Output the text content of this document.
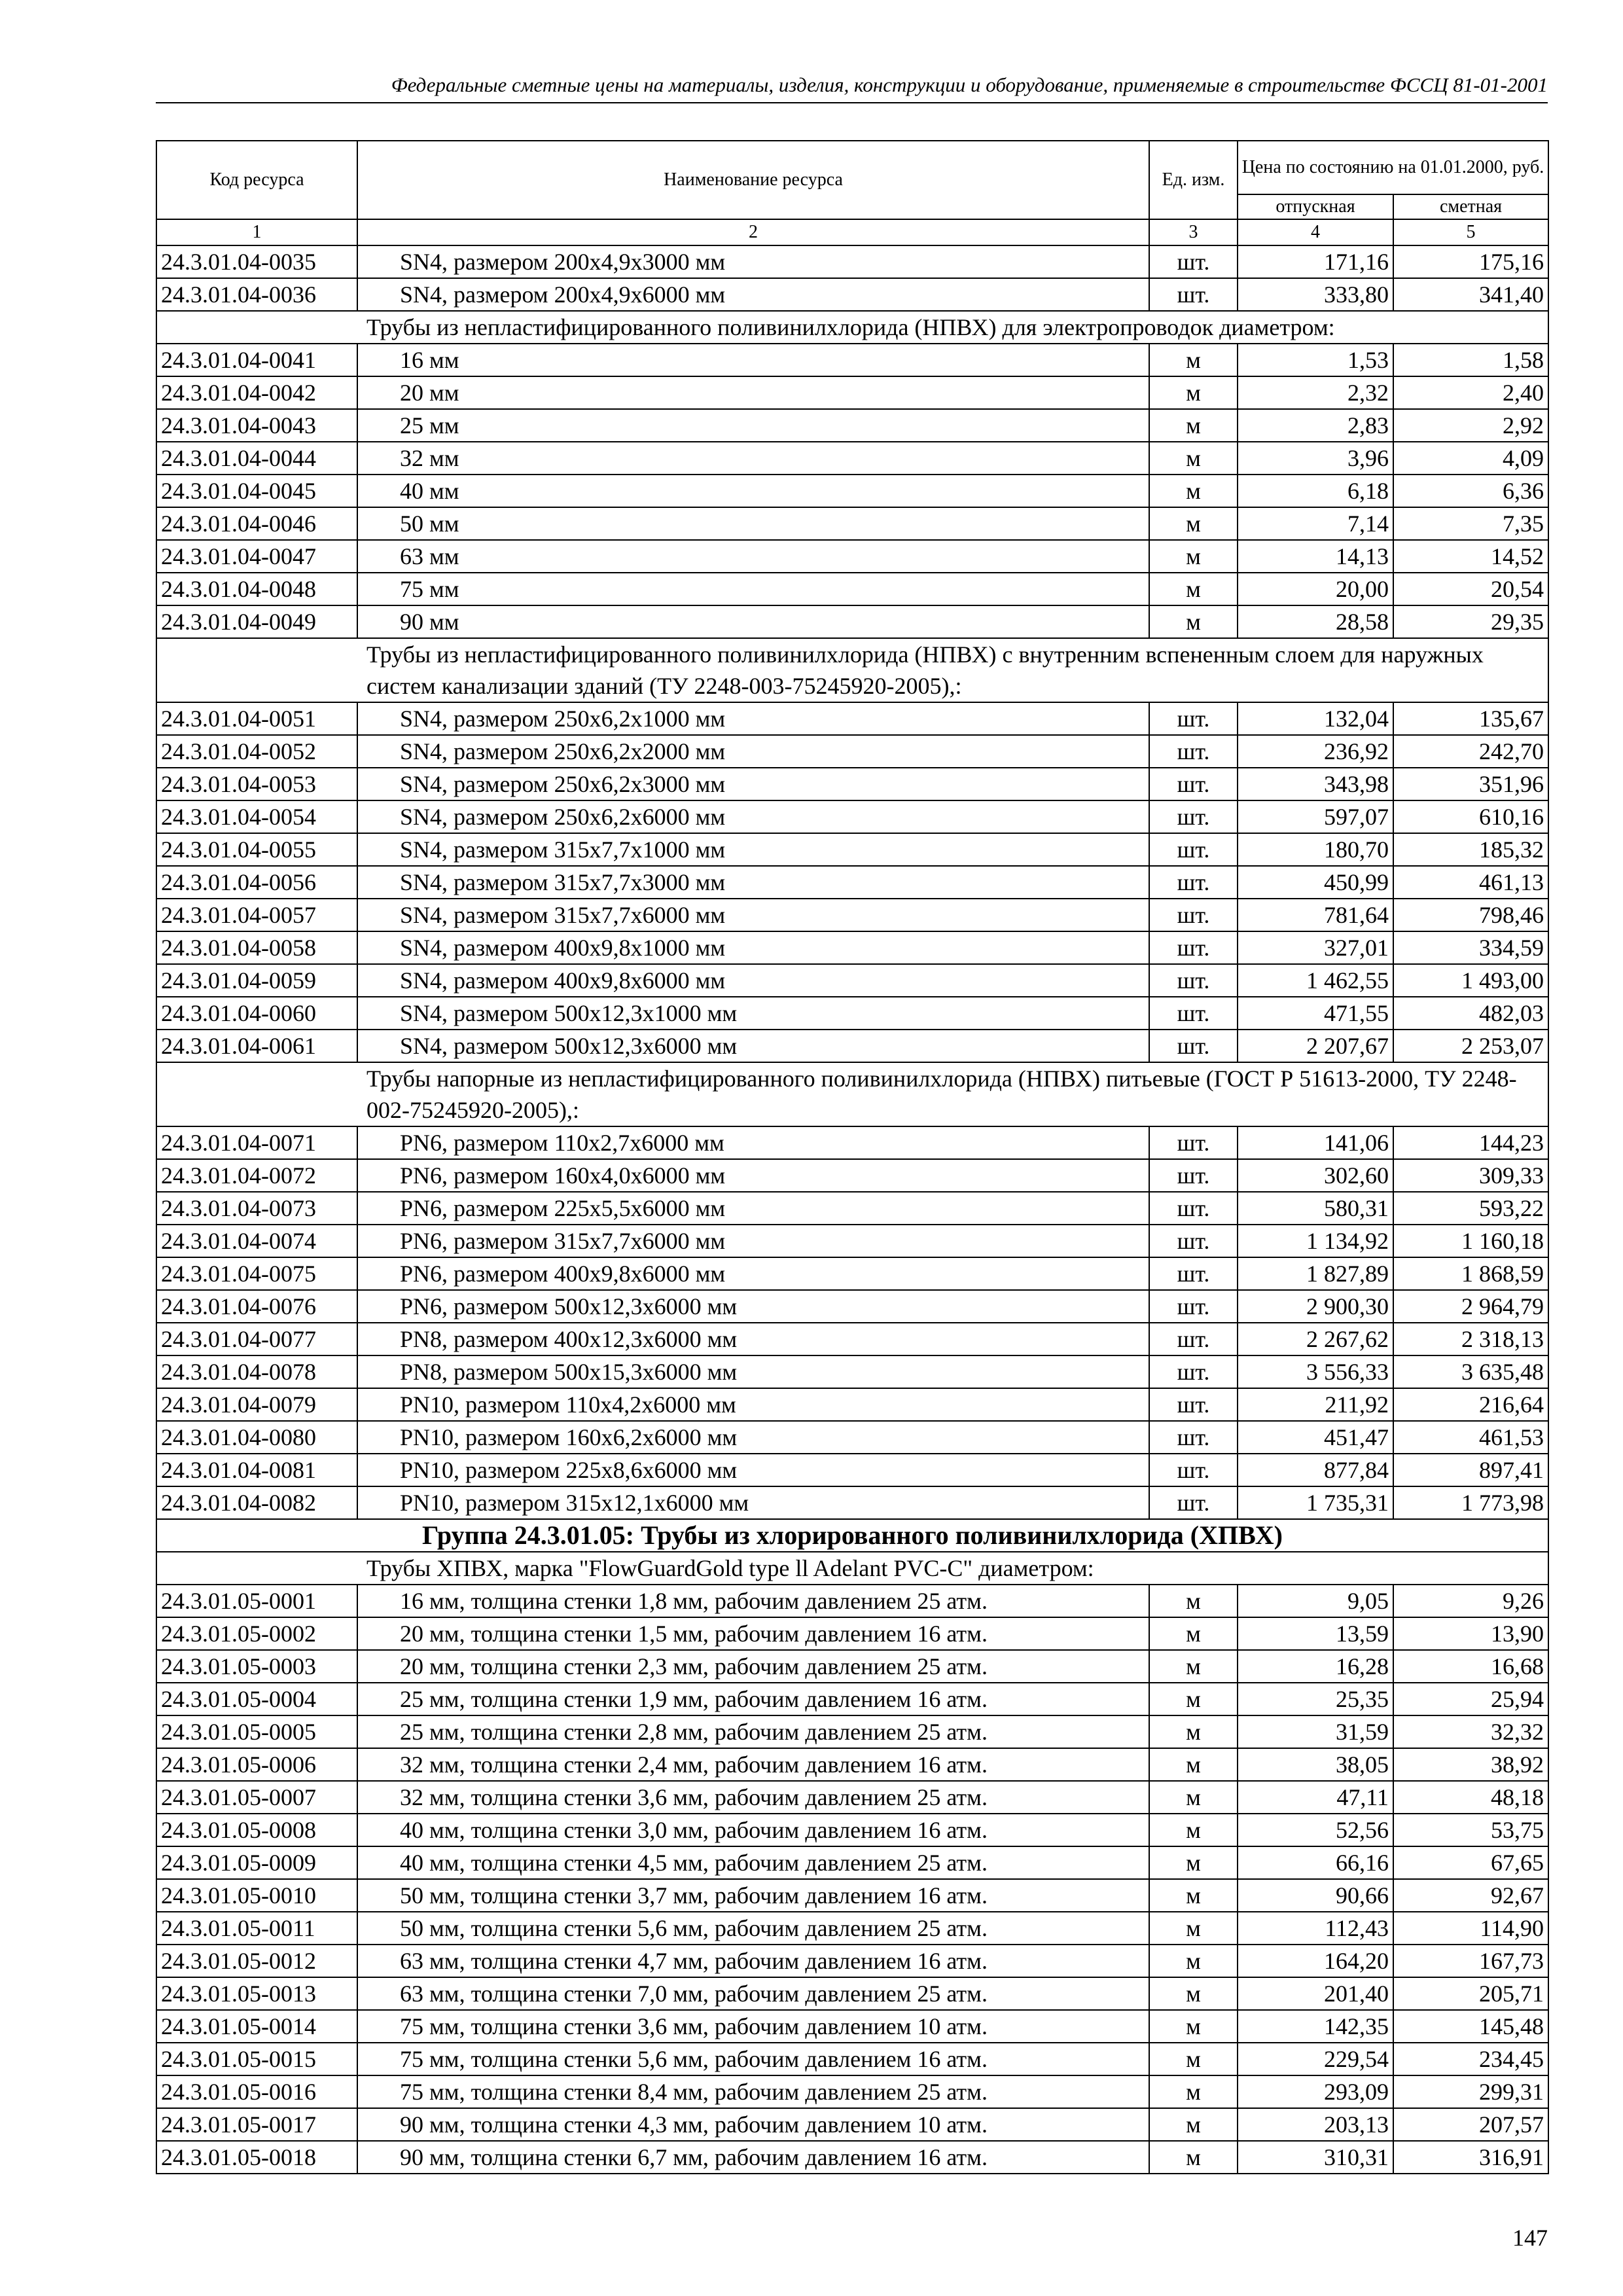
Федеральные сметные цены на материалы, изделия, конструкции и оборудование, применяемые в строительстве ФССЦ 81-01-2001
Код ресурса	Наименование ресурса	Ед. изм.	Цена по состоянию на 01.01.2000, руб.	
			отпускная	сметная
1	2	3	4	5
24.3.01.04-0035	SN4, размером 200х4,9х3000 мм	шт.	171,16	175,16
24.3.01.04-0036	SN4, размером 200х4,9х6000 мм	шт.	333,80	341,40
Трубы из непластифицированного поливинилхлорида (НПВХ) для электропроводок диаметром:				
24.3.01.04-0041	16 мм	м	1,53	1,58
24.3.01.04-0042	20 мм	м	2,32	2,40
24.3.01.04-0043	25 мм	м	2,83	2,92
24.3.01.04-0044	32 мм	м	3,96	4,09
24.3.01.04-0045	40 мм	м	6,18	6,36
24.3.01.04-0046	50 мм	м	7,14	7,35
24.3.01.04-0047	63 мм	м	14,13	14,52
24.3.01.04-0048	75 мм	м	20,00	20,54
24.3.01.04-0049	90 мм	м	28,58	29,35
Трубы из непластифицированного поливинилхлорида (НПВХ) с внутренним вспененным слоем для наружных систем канализации зданий (ТУ 2248-003-75245920-2005),:				
24.3.01.04-0051	SN4, размером 250х6,2х1000 мм	шт.	132,04	135,67
24.3.01.04-0052	SN4, размером 250х6,2х2000 мм	шт.	236,92	242,70
24.3.01.04-0053	SN4, размером 250х6,2х3000 мм	шт.	343,98	351,96
24.3.01.04-0054	SN4, размером 250х6,2х6000 мм	шт.	597,07	610,16
24.3.01.04-0055	SN4, размером 315х7,7х1000 мм	шт.	180,70	185,32
24.3.01.04-0056	SN4, размером 315х7,7х3000 мм	шт.	450,99	461,13
24.3.01.04-0057	SN4, размером 315х7,7х6000 мм	шт.	781,64	798,46
24.3.01.04-0058	SN4, размером 400х9,8х1000 мм	шт.	327,01	334,59
24.3.01.04-0059	SN4, размером 400х9,8х6000 мм	шт.	1 462,55	1 493,00
24.3.01.04-0060	SN4, размером 500х12,3х1000 мм	шт.	471,55	482,03
24.3.01.04-0061	SN4, размером 500х12,3х6000 мм	шт.	2 207,67	2 253,07
Трубы напорные из непластифицированного поливинилхлорида (НПВХ) питьевые (ГОСТ Р 51613-2000, ТУ 2248-002-75245920-2005),:				
24.3.01.04-0071	PN6, размером 110х2,7х6000 мм	шт.	141,06	144,23
24.3.01.04-0072	PN6, размером 160х4,0х6000 мм	шт.	302,60	309,33
24.3.01.04-0073	PN6, размером 225х5,5х6000 мм	шт.	580,31	593,22
24.3.01.04-0074	PN6, размером 315х7,7х6000 мм	шт.	1 134,92	1 160,18
24.3.01.04-0075	PN6, размером 400х9,8х6000 мм	шт.	1 827,89	1 868,59
24.3.01.04-0076	PN6, размером 500х12,3х6000 мм	шт.	2 900,30	2 964,79
24.3.01.04-0077	PN8, размером 400х12,3х6000 мм	шт.	2 267,62	2 318,13
24.3.01.04-0078	PN8, размером 500х15,3х6000 мм	шт.	3 556,33	3 635,48
24.3.01.04-0079	PN10, размером 110х4,2х6000 мм	шт.	211,92	216,64
24.3.01.04-0080	PN10, размером 160х6,2х6000 мм	шт.	451,47	461,53
24.3.01.04-0081	PN10, размером 225х8,6х6000 мм	шт.	877,84	897,41
24.3.01.04-0082	PN10, размером 315х12,1х6000 мм	шт.	1 735,31	1 773,98
Группа 24.3.01.05: Трубы из хлорированного поливинилхлорида (ХПВХ)				
Трубы ХПВХ, марка "FlowGuardGold type ll Adelant PVC-C" диаметром:				
24.3.01.05-0001	16 мм, толщина стенки 1,8 мм, рабочим давлением 25 атм.	м	9,05	9,26
24.3.01.05-0002	20 мм, толщина стенки 1,5 мм, рабочим давлением 16 атм.	м	13,59	13,90
24.3.01.05-0003	20 мм, толщина стенки 2,3 мм, рабочим давлением 25 атм.	м	16,28	16,68
24.3.01.05-0004	25 мм, толщина стенки 1,9 мм, рабочим давлением 16 атм.	м	25,35	25,94
24.3.01.05-0005	25 мм, толщина стенки 2,8 мм, рабочим давлением 25 атм.	м	31,59	32,32
24.3.01.05-0006	32 мм, толщина стенки 2,4 мм, рабочим давлением 16 атм.	м	38,05	38,92
24.3.01.05-0007	32 мм, толщина стенки 3,6 мм, рабочим давлением 25 атм.	м	47,11	48,18
24.3.01.05-0008	40 мм, толщина стенки 3,0 мм, рабочим давлением 16 атм.	м	52,56	53,75
24.3.01.05-0009	40 мм, толщина стенки 4,5 мм, рабочим давлением 25 атм.	м	66,16	67,65
24.3.01.05-0010	50 мм, толщина стенки 3,7 мм, рабочим давлением 16 атм.	м	90,66	92,67
24.3.01.05-0011	50 мм, толщина стенки 5,6 мм, рабочим давлением 25 атм.	м	112,43	114,90
24.3.01.05-0012	63 мм, толщина стенки 4,7 мм, рабочим давлением 16 атм.	м	164,20	167,73
24.3.01.05-0013	63 мм, толщина стенки 7,0 мм, рабочим давлением 25 атм.	м	201,40	205,71
24.3.01.05-0014	75 мм, толщина стенки 3,6 мм, рабочим давлением 10 атм.	м	142,35	145,48
24.3.01.05-0015	75 мм, толщина стенки 5,6 мм, рабочим давлением 16 атм.	м	229,54	234,45
24.3.01.05-0016	75 мм, толщина стенки 8,4 мм, рабочим давлением 25 атм.	м	293,09	299,31
24.3.01.05-0017	90 мм, толщина стенки 4,3 мм, рабочим давлением 10 атм.	м	203,13	207,57
24.3.01.05-0018	90 мм, толщина стенки 6,7 мм, рабочим давлением 16 атм.	м	310,31	316,91
147
